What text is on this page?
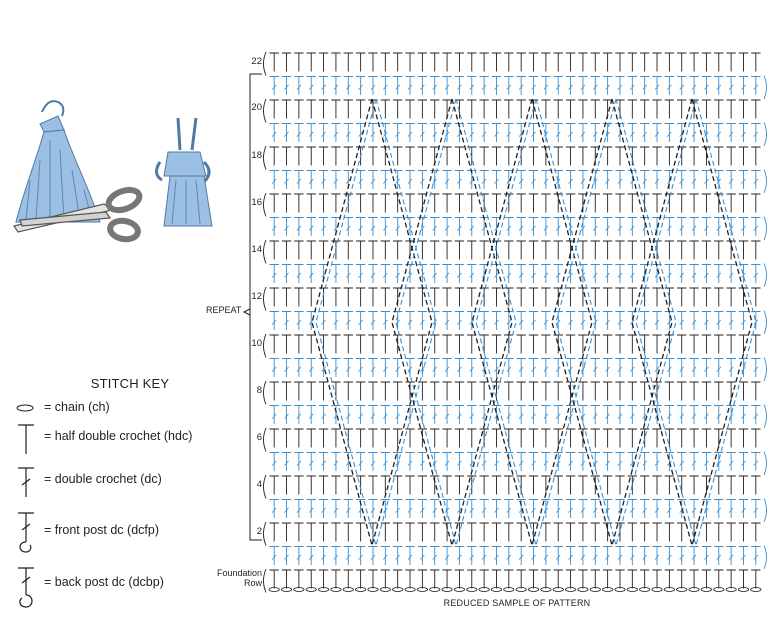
22
20
18
16
14
12
10
8
6
4
2
REPEAT
Foundation
Row
REDUCED SAMPLE OF PATTERN
STITCH KEY
= chain (ch)
= half double crochet (hdc)
= double crochet (dc)
= front post dc (dcfp)
= back post dc (dcbp)
